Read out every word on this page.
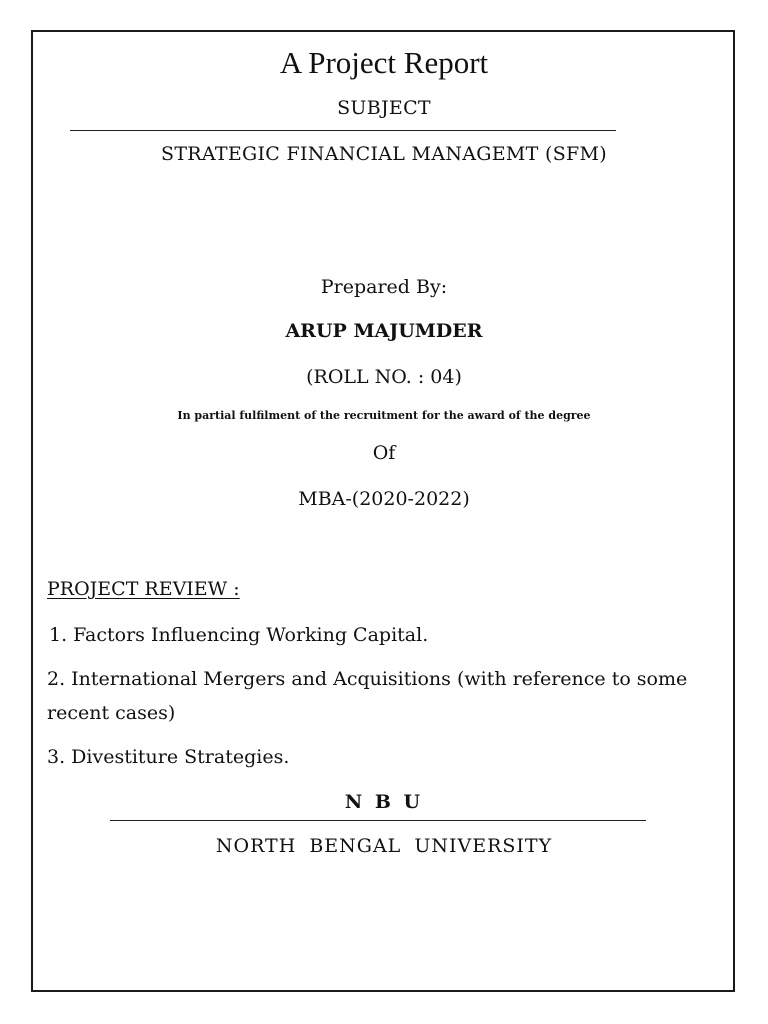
A Project Report
SUBJECT
STRATEGIC FINANCIAL MANAGEMT (SFM)
Prepared By:
ARUP MAJUMDER
(ROLL NO. : 04)
In partial fulfilment of the recruitment for the award of the degree
Of
MBA-(2020-2022)
PROJECT REVIEW :
1. Factors Influencing Working Capital.
2. International Mergers and Acquisitions (with reference to some recent cases)
3. Divestiture Strategies.
N B U
NORTH BENGAL UNIVERSITY
